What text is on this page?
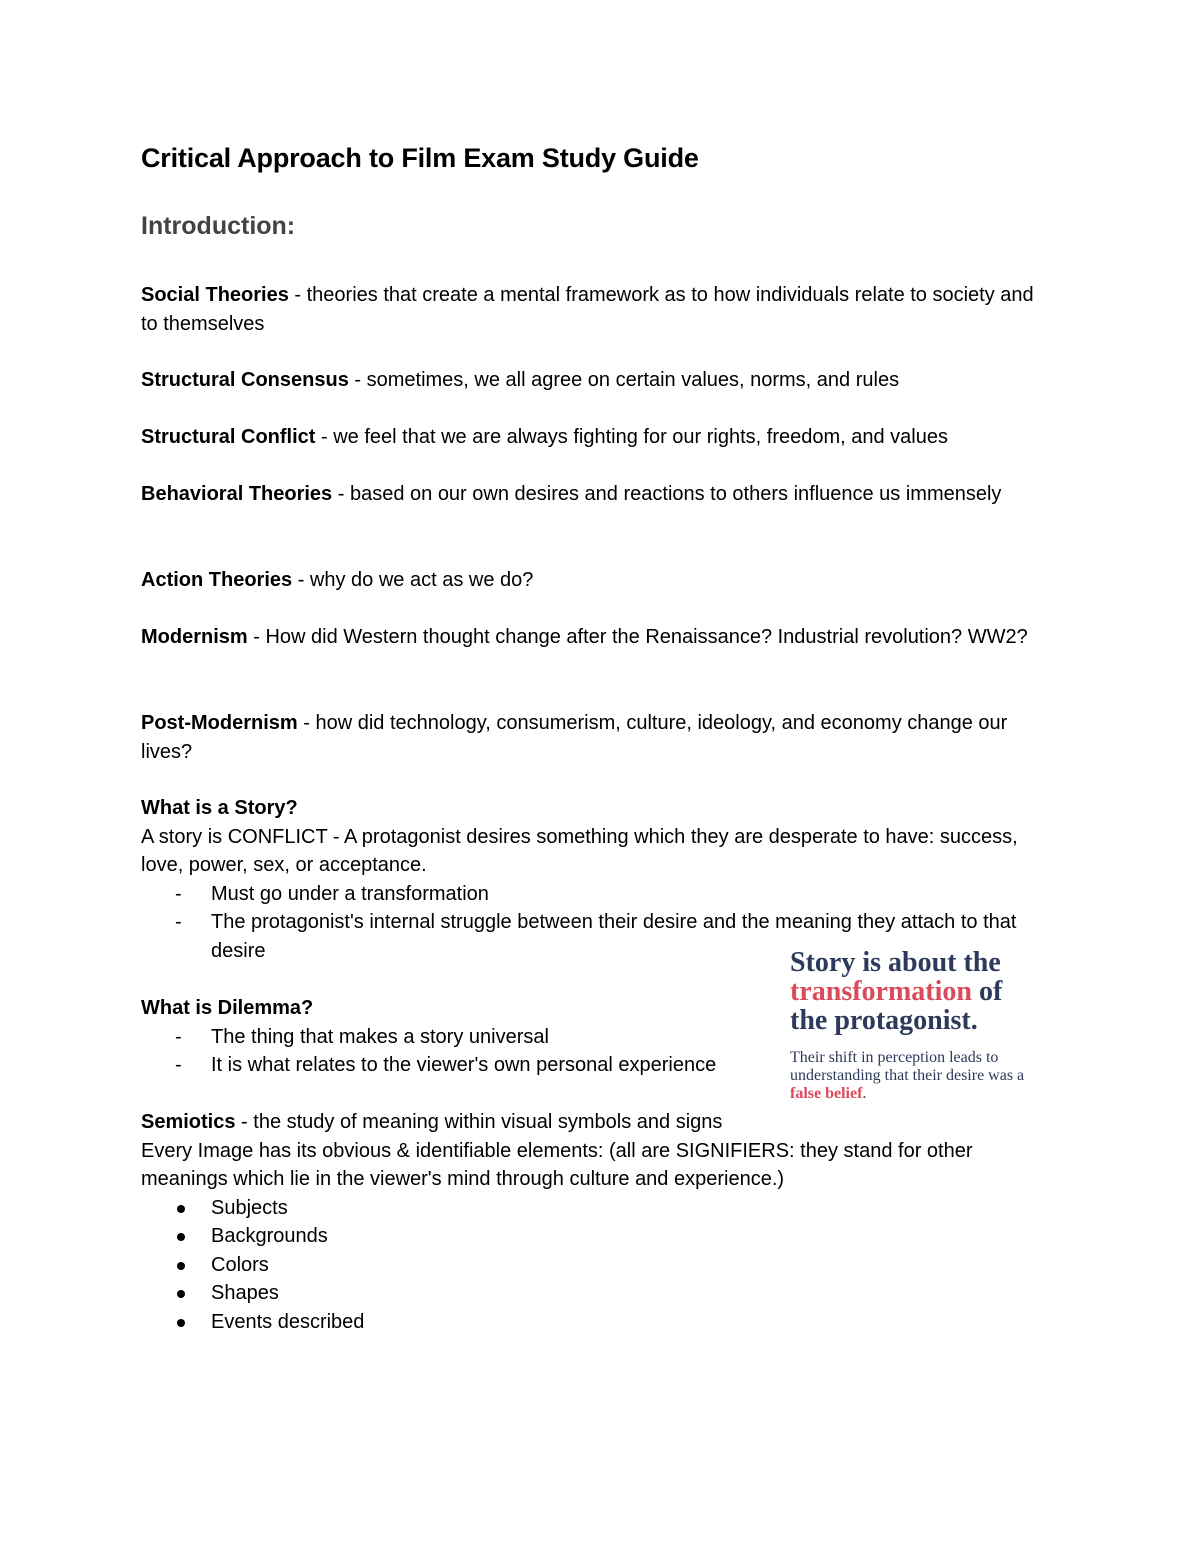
Critical Approach to Film Exam Study Guide
Introduction:

Social Theories - theories that create a mental framework as to how individuals relate to society and to themselves

Structural Consensus - sometimes, we all agree on certain values, norms, and rules

Structural Conflict - we feel that we are always fighting for our rights, freedom, and values

Behavioral Theories - based on our own desires and reactions to others influence us immensely

Action Theories - why do we act as we do?

Modernism - How did Western thought change after the Renaissance? Industrial revolution? WW2?

Post-Modernism - how did technology, consumerism, culture, ideology, and economy change our lives?

What is a Story?
A story is CONFLICT - A protagonist desires something which they are desperate to have: success, love, power, sex, or acceptance.
- Must go under a transformation
- The protagonist's internal struggle between their desire and the meaning they attach to that desire
What is Dilemma?
- The thing that makes a story universal
- It is what relates to the viewer's own personal experience
Semiotics - the study of meaning within visual symbols and signs
Every Image has its obvious & identifiable elements: (all are SIGNIFIERS: they stand for other meanings which lie in the viewer's mind through culture and experience.)
Subjects
Backgrounds
Colors
Shapes
Events described

Story is about the
transformation of
the protagonist.

Their shift in perception leads to understanding that their desire was a false belief.
